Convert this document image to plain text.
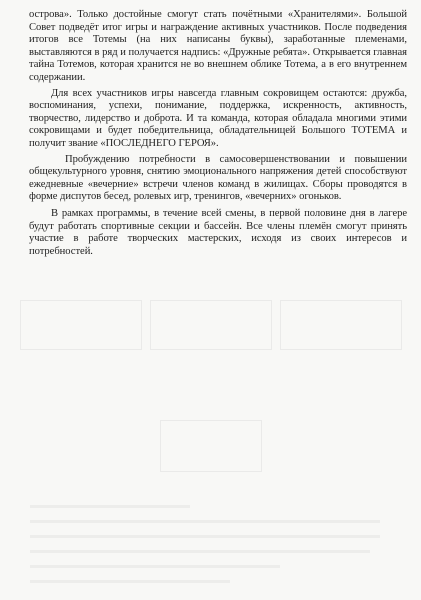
острова». Только достойные смогут стать почётными «Хранителями». Большой Совет подведёт итог игры и награждение активных участников. После подведения итогов все Тотемы (на них написаны буквы), заработанные племенами, выставляются в ряд и получается надпись: «Дружные ребята». Открывается главная тайна Тотемов, которая хранится не во внешнем облике Тотема, а в его внутреннем содержании.

Для всех участников игры навсегда главным сокровищем остаются: дружба, воспоминания, успехи, понимание, поддержка, искренность, активность, творчество, лидерство и доброта. И та команда, которая обладала многими этими сокровищами и будет победительница, обладательницей Большого ТОТЕМА и получит звание «ПОСЛЕДНЕГО ГЕРОЯ».

Пробуждению потребности в самосовершенствовании и повышении общекультурного уровня, снятию эмоционального напряжения детей способствуют ежедневные «вечерние» встречи членов команд в жилищах. Сборы проводятся в форме диспутов бесед, ролевых игр, тренингов, «вечерних» огоньков.

В рамках программы, в течение всей смены, в первой половине дня в лагере будут работать спортивные секции и бассейн. Все члены племён смогут принять участие в работе творческих мастерских, исходя из своих интересов и потребностей.
